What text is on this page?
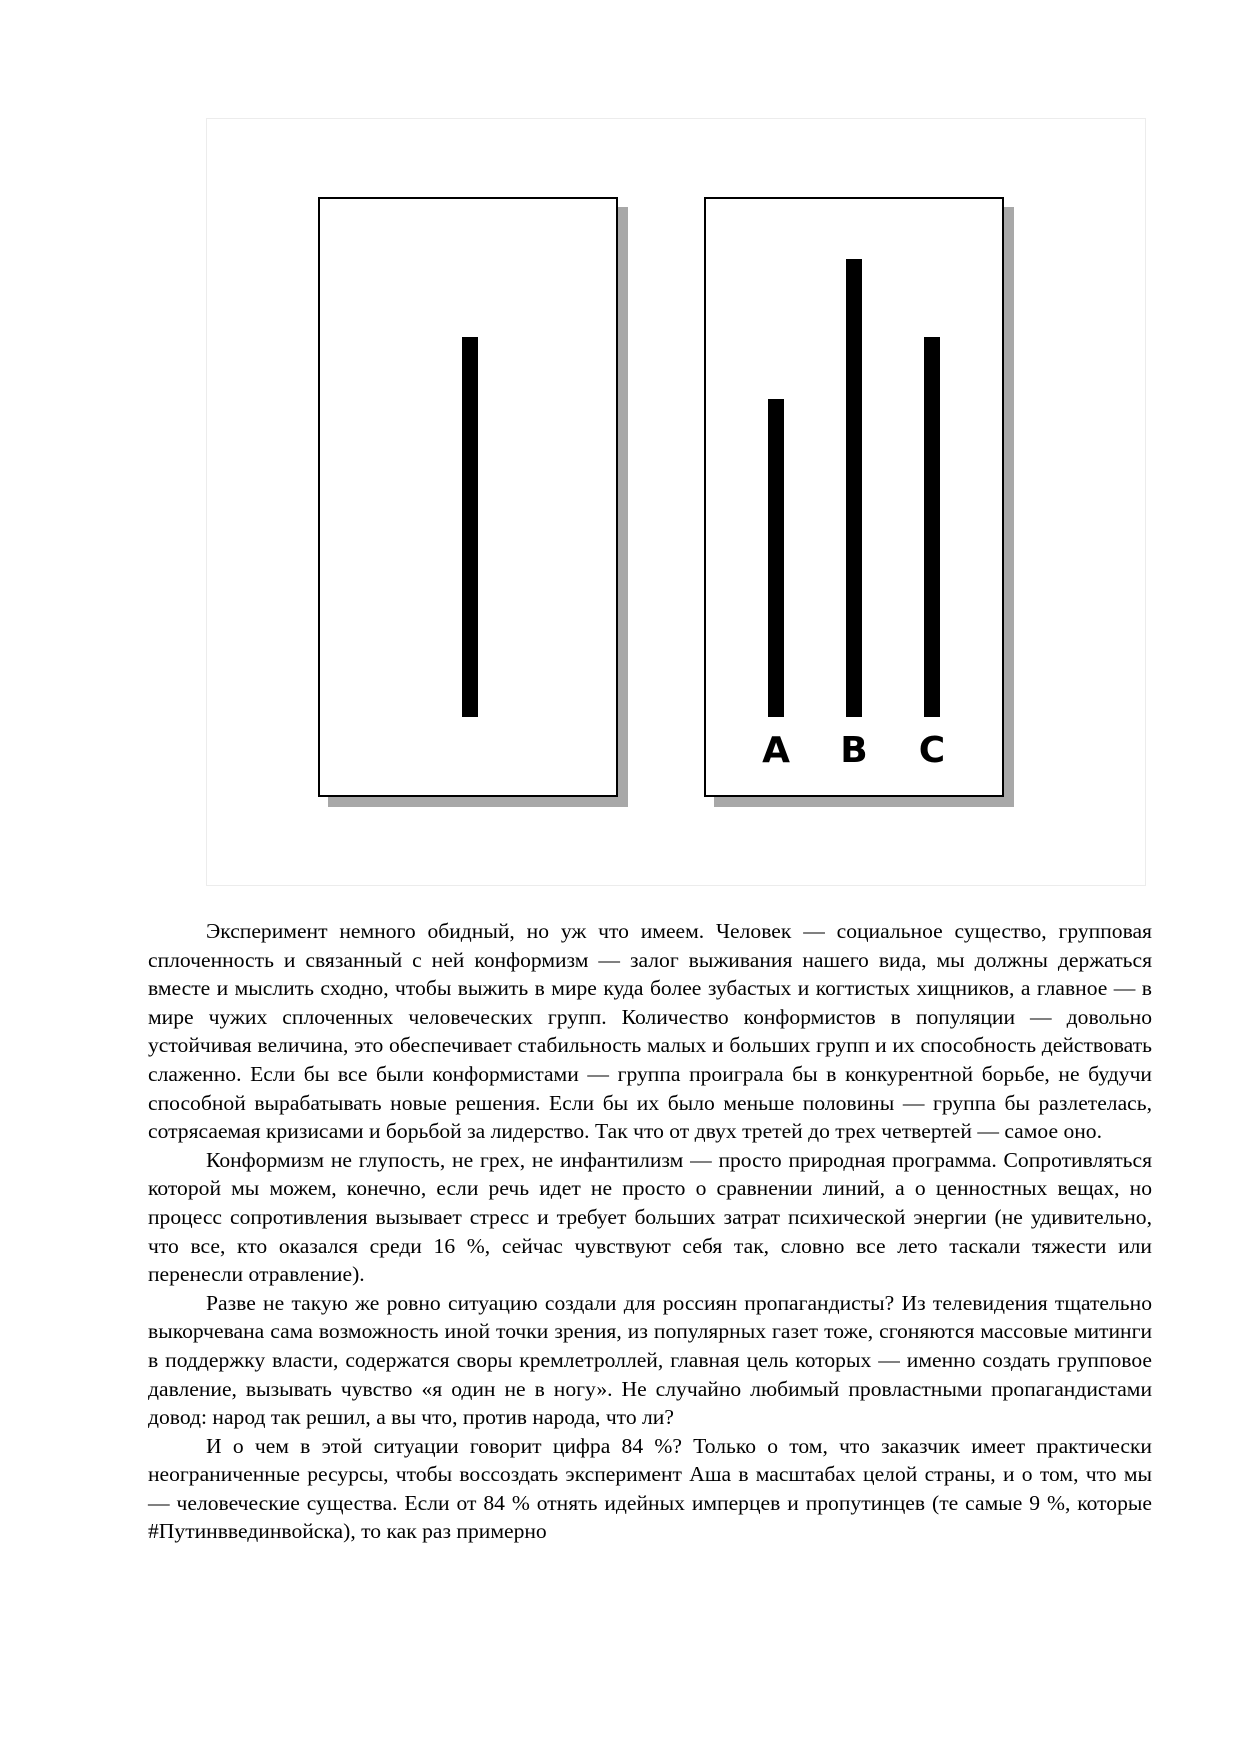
A B C

Эксперимент немного обидный, но уж что имеем. Человек — социальное существо, групповая сплоченность и связанный с ней конформизм — залог выживания нашего вида, мы должны держаться вместе и мыслить сходно, чтобы выжить в мире куда более зубастых и когтистых хищников, а главное — в мире чужих сплоченных человеческих групп. Количество конформистов в популяции — довольно устойчивая величина, это обеспечивает стабильность малых и больших групп и их способность действовать слаженно. Если бы все были конформистами — группа проиграла бы в конкурентной борьбе, не будучи способной вырабатывать новые решения. Если бы их было меньше половины — группа бы разлетелась, сотрясаемая кризисами и борьбой за лидерство. Так что от двух третей до трех четвертей — самое оно.

Конформизм не глупость, не грех, не инфантилизм — просто природная программа. Сопротивляться которой мы можем, конечно, если речь идет не просто о сравнении линий, а о ценностных вещах, но процесс сопротивления вызывает стресс и требует больших затрат психической энергии (не удивительно, что все, кто оказался среди 16 %, сейчас чувствуют себя так, словно все лето таскали тяжести или перенесли отравление).

Разве не такую же ровно ситуацию создали для россиян пропагандисты? Из телевидения тщательно выкорчевана сама возможность иной точки зрения, из популярных газет тоже, сгоняются массовые митинги в поддержку власти, содержатся своры кремлетроллей, главная цель которых — именно создать групповое давление, вызывать чувство «я один не в ногу». Не случайно любимый провластными пропагандистами довод: народ так решил, а вы что, против народа, что ли?

И о чем в этой ситуации говорит цифра 84 %? Только о том, что заказчик имеет практически неограниченные ресурсы, чтобы воссоздать эксперимент Аша в масштабах целой страны, и о том, что мы — человеческие существа. Если от 84 % отнять идейных имперцев и пропутинцев (те самые 9 %, которые #Путинввединвойска), то как раз примерно
